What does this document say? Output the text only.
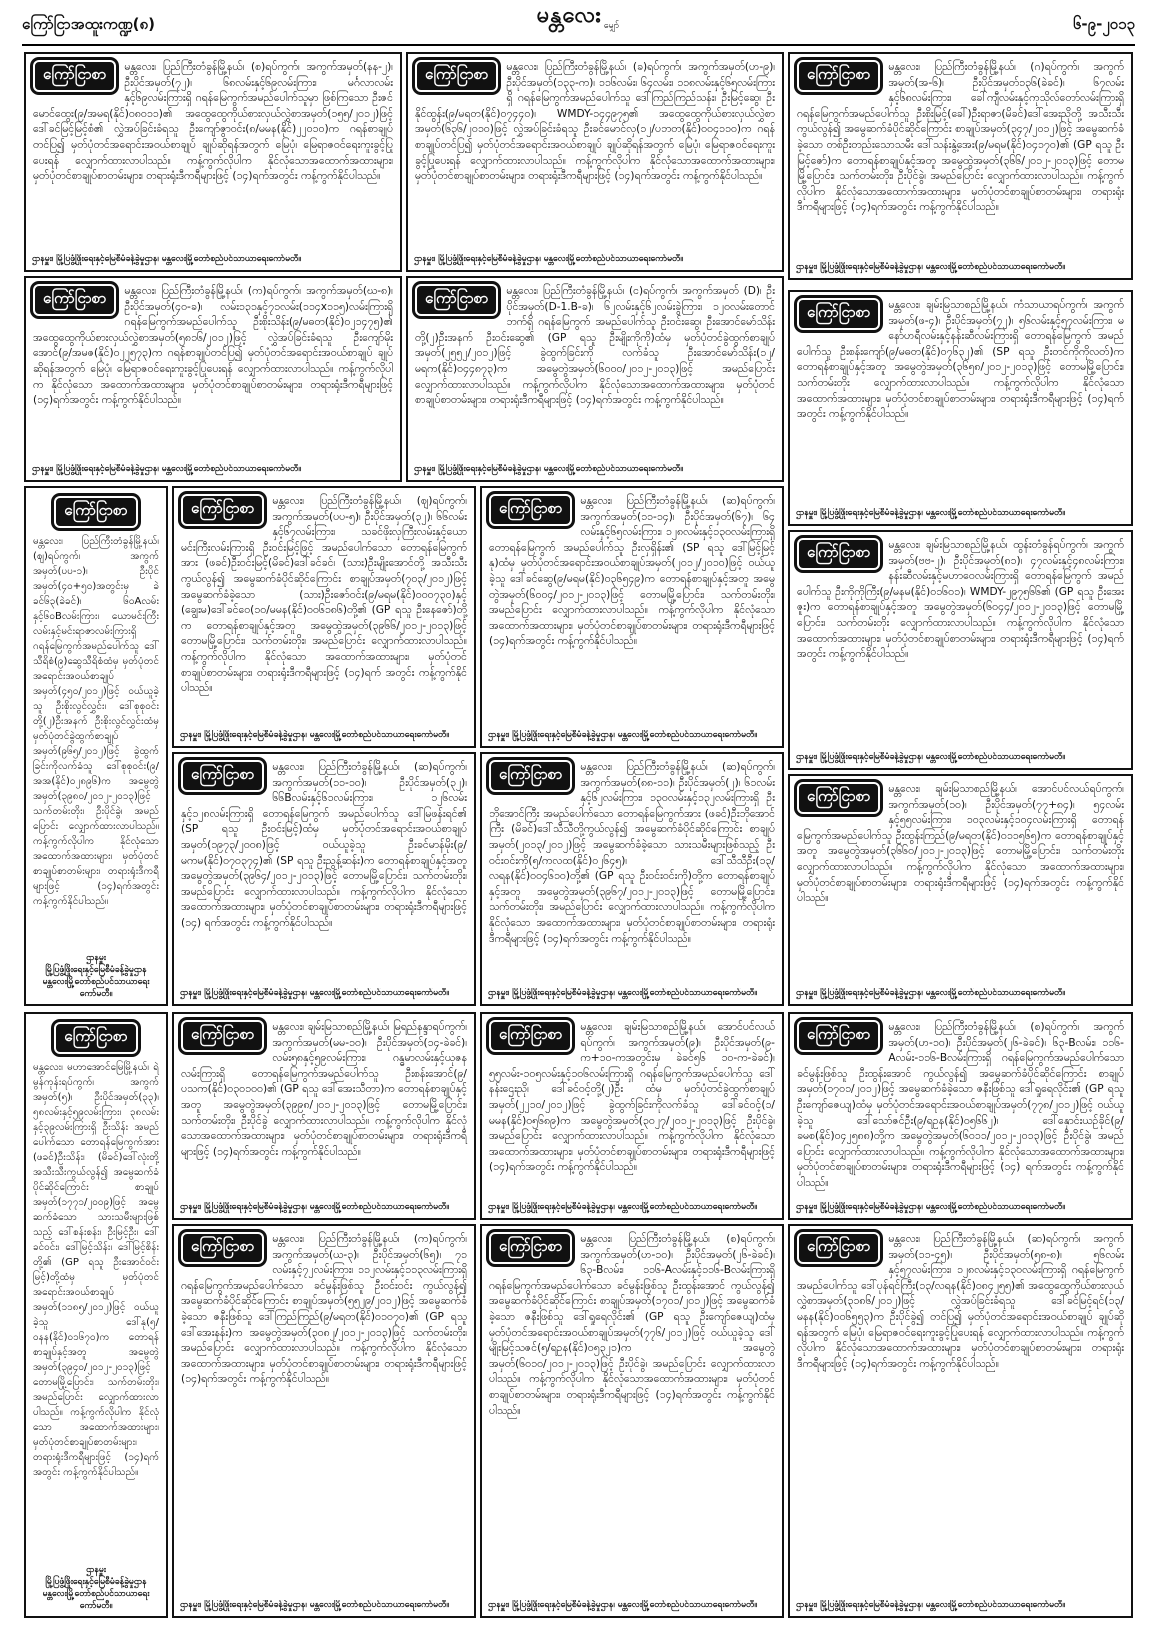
ကြော်ငြာအထူးကဏ္ဍ(၈)	၆-၉-၂၀၁၃
မန္တလေး မျှော်
ကြော်ငြာစာ	မန္တလေး၊ ပြည်ကြီးတံခွန်မြို့နယ်၊ (စ)ရပ်ကွက်၊ အကွက်အမှတ်(နန-၂)၊ ဦးပိုင်အမှတ်(၇၂)၊ ၆၈လမ်းနှင့်၆၉လမ်းကြား၊ မင်္ဂလာလမ်းနှင့်၆၉လမ်းကြားရှိ ဂရန်မြေကွက်အမည်ပေါက်သူမှာ ဖြစ်ကြသော ဦးဇင်မောင်ထွေး(၉/အမရ(နိုင်)၀၈၀၁၁)၏ အထွေထွေကိုယ်စားလှယ်လွှဲစာအမှတ်(၁၅၅/၂၀၁၂)ဖြင့် ဒေါ်ခင်မြင့်မြင့်စံ၏ လွှဲအပ်ခြင်းခံရသူ ဦးကျော်ဇွာဝင်း(၈/မမန(နိုင်)၂၂၀၁၀)က ဂရန်စာချုပ်တင်ပြ၍ မှတ်ပုံတင်အရောင်းအဝယ်စာချုပ် ချုပ်ဆိုရန်အတွက် မြေပုံ၊ မြေရာဇဝင်ရေးကူးခွင့်ပြုပေးရန် လျှောက်ထားလာပါသည်။ ကန့်ကွက်လိုပါက နိုင်လုံသောအထောက်အထားများ၊ မှတ်ပုံတင်စာချုပ်စာတမ်းများ၊ တရားရုံးဒီကရီများဖြင့် (၁၄)ရက်အတွင်း ကန့်ကွက်နိုင်ပါသည်။
ဌာနမှူး၊ မြို့ပြဖွံ့ဖြိုးရေးနှင့်မြေစီမံခန့်ခွဲမှုဌာန၊ မန္တလေးမြို့တော်စည်ပင်သာယာရေးကော်မတီ။
ကြော်ငြာစာ	မန္တလေး၊ ပြည်ကြီးတံခွန်မြို့နယ်၊ (ခ)ရပ်ကွက်၊ အကွက်အမှတ်(ဟ-၉)၊ ဦးပိုင်အမှတ်(၁၃၃-က)၊ ၁၁၆လမ်း၊ ၆၄လမ်း၊ ၁၁၈လမ်းနှင့်၆၅လမ်းကြားရှိ ဂရန်မြေကွက်အမည်ပေါက်သူ ဒေါ်ကြည်ကြည်သန်း၊ ဦးမြင့်ဆွေ၊ ဦးနိုင်ထွန်း(၉/မရတ(နိုင်)၀၇၄၄၀)၊ WMDY-၁၄၄၉၇၅၏ အထွေထွေကိုယ်စားလှယ်လွှဲစာအမှတ်(၆၃၆/၂၀၁၀)ဖြင့် လွှဲအပ်ခြင်းခံရသူ ဦးခင်မောင်လှ(၁၂/ပဘတ(နိုင်)၀၀၄၁၁၀)က ဂရန်စာချုပ်တင်ပြ၍ မှတ်ပုံတင်အရောင်းအဝယ်စာချုပ် ချုပ်ဆိုရန်အတွက် မြေပုံ၊ မြေရာဇဝင်ရေးကူးခွင့်ပြုပေးရန် လျှောက်ထားလာပါသည်။ ကန့်ကွက်လိုပါက နိုင်လုံသောအထောက်အထားများ၊ မှတ်ပုံတင်စာချုပ်စာတမ်းများ၊ တရားရုံးဒီကရီများဖြင့် (၁၄)ရက်အတွင်း ကန့်ကွက်နိုင်ပါသည်။
ဌာနမှူး၊ မြို့ပြဖွံ့ဖြိုးရေးနှင့်မြေစီမံခန့်ခွဲမှုဌာန၊ မန္တလေးမြို့တော်စည်ပင်သာယာရေးကော်မတီ။
ကြော်ငြာစာ	မန္တလေး၊ ပြည်ကြီးတံခွန်မြို့နယ်၊ (ဂ)ရပ်ကွက်၊ အကွက်အမှတ်(အ-၆)၊ ဦးပိုင်အမှတ်၁၃၆(ခဲခင်)၊ ၆၇လမ်းနှင့်၆၈လမ်းကြား၊ ခေါ်ကျီလမ်းနှင့်ကုသိုလ်တော်လမ်းကြားရှိ ဂရန်မြေကွက်အမည်ပေါက်သူ ဦးစိုးမြင့်(ခေါ်)ဦးရာဇာ(မိခင်)ဒေါ်အေးညိုတို့ အသီးသီးကွယ်လွန်၍ အမွေဆက်ခံပိုင်ဆိုင်ကြောင်း စာချုပ်အမှတ်(၃၄၇/၂၀၁၂)ဖြင့် အမွေဆက်ခံခဲ့သော တစ်ဦးတည်းသောသမီး ဒေါ်သန်းနွဲ့အေး(၉/မရမ(နိုင်)၀၄၁၇၀)၏ (GP ရသူ ဦးမြင့်ဇော်)က တောရန်စာချုပ်နှင့်အတူ အမွေထွဲအမှတ်(၃၆၆/၂၀၁၂-၂၀၁၃)ဖြင့် တောမမြို့ပြောင်း၊ သက်တမ်းတိုး၊ ဦးပိုင်ခွဲ၊ အမည်ပြောင်း လျှောက်ထားလာပါသည်။ ကန့်ကွက်လိုပါက နိုင်လုံသောအထောက်အထားများ၊ မှတ်ပုံတင်စာချုပ်စာတမ်းများ၊ တရားရုံးဒီကရီများဖြင့် (၁၄)ရက်အတွင်း ကန့်ကွက်နိုင်ပါသည်။
ဌာနမှူး၊ မြို့ပြဖွံ့ဖြိုးရေးနှင့်မြေစီမံခန့်ခွဲမှုဌာန၊ မန္တလေးမြို့တော်စည်ပင်သာယာရေးကော်မတီ။
ကြော်ငြာစာ	မန္တလေး၊ ပြည်ကြီးတံခွန်မြို့နယ်၊ (က)ရပ်ကွက်၊ အကွက်အမှတ်(ဃ-၈)၊ ဦးပိုင်အမှတ်(၄၀-ခ)၊ လမ်း၁၃၁နှင့်၇၁လမ်း(၁၁၄x၁၁၅)လမ်းကြားရှိ ဂရန်မြေကွက်အမည်ပေါက်သူ ဦးစိုးသိန်း(၉/မဓတ(နိုင်)၀၂၁၄၇၅)၏ အထွေထွေကိုယ်စားလှယ်လွှဲစာအမှတ်(၅၈၁၆/၂၀၁၂)ဖြင့် လွှဲအပ်ခြင်းခံရသူ ဦးကျော်မိုးအောင်(၉/အမဇ(နိုင်)၀၂၂၅၇၃)က ဂရန်စာချုပ်တင်ပြ၍ မှတ်ပုံတင်အရောင်းအဝယ်စာချုပ် ချုပ်ဆိုရန်အတွက် မြေပုံ၊ မြေရာဇဝင်ရေးကူးခွင့်ပြုပေးရန် လျှောက်ထားလာပါသည်။ ကန့်ကွက်လိုပါက နိုင်လုံသော အထောက်အထားများ၊ မှတ်ပုံတင်စာချုပ်စာတမ်းများ၊ တရားရုံးဒီကရီများဖြင့် (၁၄)ရက်အတွင်း ကန့်ကွက်နိုင်ပါသည်။
ဌာနမှူး၊ မြို့ပြဖွံ့ဖြိုးရေးနှင့်မြေစီမံခန့်ခွဲမှုဌာန၊ မန္တလေးမြို့တော်စည်ပင်သာယာရေးကော်မတီ။
ကြော်ငြာစာ	မန္တလေး၊ ပြည်ကြီးတံခွန်မြို့နယ်၊ (င)ရပ်ကွက်၊ အကွက်အမှတ် (D)၊ ဦးပိုင်အမှတ်(D-1.B-ခ)၊ ၆၂လမ်းနှင့်၆၂လမ်းခွဲကြား၊ ၁၂၀လမ်းတောင်ဘက်ရှိ ဂရန်မြေကွက် အမည်ပေါက်သူ ဦးဝင်းဆွေ၊ ဦးအောင်မော်သိန်း တို့(၂)ဦးအနက် ဦးဝင်းဆွေ၏ (GP ရသူ ဦးမျိုးကိုကို)ထံမှ မှတ်ပုံတင်ခွဲထွက်စာချုပ် အမှတ်(၂၅၅၂/၂၀၁၂)ဖြင့် ခွဲထွက်ခြင်းကို လက်ခံသူ ဦးအောင်မော်သိန်း(၁၂/မရက(နိုင်)၀၄၄၈၇၃)က အမွေတွဲအမှတ်(၆၀၀၀/၂၀၁၂-၂၀၁၃)ဖြင့် အမည်ပြောင်း လျှောက်ထားလာပါသည်။ ကန့်ကွက်လိုပါက နိုင်လုံသောအထောက်အထားများ၊ မှတ်ပုံတင်စာချုပ်စာတမ်းများ၊ တရားရုံးဒီကရီများဖြင့် (၁၄)ရက်အတွင်း ကန့်ကွက်နိုင်ပါသည်။
ဌာနမှူး၊ မြို့ပြဖွံ့ဖြိုးရေးနှင့်မြေစီမံခန့်ခွဲမှုဌာန၊ မန္တလေးမြို့တော်စည်ပင်သာယာရေးကော်မတီ။
ကြော်ငြာစာ	မန္တလေး၊ ချမ်းမြသာစည်မြို့နယ်၊ ကံသာယာရပ်ကွက်၊ အကွက်အမှတ်(ဖ-၄)၊ ဦးပိုင်အမှတ်(၇၂)၊ ၅၆လမ်းနှင့်၅၇လမ်းကြား၊ မနော်ဟရီလမ်းနှင့်နန်းဆီလမ်းကြားရှိ တောရန်မြေကွက် အမည်ပေါက်သူ ဦးစန်းကျော်(၉/မဓတ(နိုင်)၀၇၆၃၂)၏ (SP ရသူ ဦးတင်ကိုကိုလတ်)က တောရန်စာချုပ်နှင့်အတူ အမွေတွဲအမှတ်(၃၆၅၈/၂၀၁၂-၂၀၁၃)ဖြင့် တောမမြို့ပြောင်း၊ သက်တမ်းတိုး လျှောက်ထားလာပါသည်။ ကန့်ကွက်လိုပါက နိုင်လုံသော အထောက်အထားများ၊ မှတ်ပုံတင်စာချုပ်စာတမ်းများ၊ တရားရုံးဒီကရီများဖြင့် (၁၄)ရက်အတွင်း ကန့်ကွက်နိုင်ပါသည်။
ဌာနမှူး၊ မြို့ပြဖွံ့ဖြိုးရေးနှင့်မြေစီမံခန့်ခွဲမှုဌာန၊ မန္တလေးမြို့တော်စည်ပင်သာယာရေးကော်မတီ။
ကြော်ငြာစာ
မန္တလေး၊ ပြည်ကြီးတံခွန်မြို့နယ်၊ (ဈ)ရပ်ကွက်၊ အကွက်အမှတ်(ပပ-၁)၊ ဦးပိုင်အမှတ်(၄၀+၅၀)အတွင်းမှ ခဲခင်၆၃(ခဲခင်)၊ ၆၀Aလမ်းနှင့်၆၀Bလမ်းကြား၊ ယောမင်းကြီးလမ်းနှင့်မင်းရာဇာလမ်းကြားရှိ ဂရန်မြေကွက်အမည်ပေါက်သူ ဒေါ်သီရိစံ(၉)ဆွေသီရိစံထံမှ မှတ်ပုံတင်အရောင်းအဝယ်စာချုပ်အမှတ်(၄၅၀/၂၀၁၂)ဖြင့် ဝယ်ယူခဲ့သူ ဦးစိုးလွင်လွှင်း၊ ဒေါ်စုစုဝင်းတို့(၂)ဦးအနက် ဦးစိုးလွင်လွှင်းထံမှ မှတ်ပုံတင်ခွဲထွက်စာချုပ်အမှတ်(၉၆၅/၂၀၁၂)ဖြင့် ခွဲထွက်ခြင်းကိုလက်ခံသူ ဒေါ်စုစုဝင်း(၉/အအ(နိုင်)၀၂၈၉၆)က အမွေတွဲအမှတ်(၃၉၈၀/၂၀၁၂-၂၀၁၃)ဖြင့် သက်တမ်းတိုး၊ ဦးပိုင်ခွဲ၊ အမည်ပြောင်း လျှောက်ထားလာပါသည်။ ကန့်ကွက်လိုပါက နိုင်လုံသော အထောက်အထားများ၊ မှတ်ပုံတင်စာချုပ်စာတမ်းများ၊ တရားရုံးဒီကရီများဖြင့် (၁၄)ရက်အတွင်း ကန့်ကွက်နိုင်ပါသည်။
ဌာနမှူး
မြို့ပြဖွံ့ဖြိုးရေးနှင့်မြေစီမံခန့်ခွဲမှုဌာန
မန္တလေးမြို့တော်စည်ပင်သာယာရေးကော်မတီ။
ကြော်ငြာစာ	မန္တလေး၊ ပြည်ကြီးတံခွန်မြို့နယ်၊ (ဈ)ရပ်ကွက်၊ အကွက်အမှတ်(ပပ-၅)၊ ဦးပိုင်အမှတ်(၃၂)၊ ၆၆လမ်းနှင့်၆၇လမ်းကြား၊ သခင်ဖိုးလှကြီးလမ်းနှင့်ယောမင်းကြီးလမ်းကြားရှိ ဦးဝင်းမြင့်ဖြင့် အမည်ပေါက်သော တောရန်မြေကွက်အား (ဖခင်)ဦးဝင်းမြင့်(မိခင်)ဒေါ်ခင်ခင်၊ (သား)ဦးမျိုးအောင်တို့ အသီးသီးကွယ်လွန်၍ အမွေဆက်ခံပိုင်ဆိုင်ကြောင်း စာချုပ်အမှတ်(၇၀၃/၂၀၁၂)ဖြင့် အမွေဆက်ခံခဲ့သော (သား)ဦးဇော်ဝင်း(၉/မရမ(နိုင်)၀၀၀၇၃၀)နှင့် (ချွေးမ)ဒေါ်ခင်ဝေ(၁၀/မမန(နိုင်)၀၀၆၁၈၆)တို့၏ (GP ရသူ ဦးနေဇော်)တို့က တောရန်စာချုပ်နှင့်အတူ အမွေထွဲအမှတ်(၃၉၆၆/၂၀၁၂-၂၀၁၃)ဖြင့် တောမမြို့ပြောင်း၊ သက်တမ်းတိုး၊ အမည်ပြောင်း လျှောက်ထားလာပါသည်။ ကန့်ကွက်လိုပါက နိုင်လုံသော အထောက်အထားများ၊ မှတ်ပုံတင်စာချုပ်စာတမ်းများ၊ တရားရုံးဒီကရီများဖြင့် (၁၄)ရက် အတွင်း ကန့်ကွက်နိုင်ပါသည်။
ဌာနမှူး၊ မြို့ပြဖွံ့ဖြိုးရေးနှင့်မြေစီမံခန့်ခွဲမှုဌာန၊ မန္တလေးမြို့တော်စည်ပင်သာယာရေးကော်မတီ။
ကြော်ငြာစာ	မန္တလေး၊ ပြည်ကြီးတံခွန်မြို့နယ်၊ (ဆ)ရပ်ကွက်၊ အကွက်အမှတ်(၁၁-၁၄)၊ ဦးပိုင်အမှတ်(၆၇)၊ ၆၄ လမ်းနှင့်၆၅လမ်းကြား၊ ၁၂၈လမ်းနှင့်၁၃၀လမ်းကြားရှိ တောရန်မြေကွက် အမည်ပေါက်သူ ဦးလှရှိန်း၏ (SP ရသူ ဒေါ်မြင့်မြင့်နု)ထံမှ မှတ်ပုံတင်အရောင်းအဝယ်စာချုပ်အမှတ်(၂၀၁၂/၂၀၁၀)ဖြင့် ဝယ်ယူခဲ့သူ ဒေါ်ခင်ဆွေ(၉/မရမ(နိုင်)၀၃၆၅၄၉)က တောရန်စာချုပ်နှင့်အတူ အမွေတွဲအမှတ်(၆၀၀၄/၂၀၁၂-၂၀၁၃)ဖြင့် တောမမြို့ပြောင်း၊ သက်တမ်းတိုး၊ အမည်ပြောင်း လျှောက်ထားလာပါသည်။ ကန့်ကွက်လိုပါက နိုင်လုံသောအထောက်အထားများ၊ မှတ်ပုံတင်စာချုပ်စာတမ်းများ၊ တရားရုံးဒီကရီများဖြင့် (၁၄)ရက်အတွင်း ကန့်ကွက်နိုင်ပါသည်။
ဌာနမှူး၊ မြို့ပြဖွံ့ဖြိုးရေးနှင့်မြေစီမံခန့်ခွဲမှုဌာန၊ မန္တလေးမြို့တော်စည်ပင်သာယာရေးကော်မတီ။
ကြော်ငြာစာ	မန္တလေး၊ ချမ်းမြသာစည်မြို့နယ်၊ ထွန်းတံခွန်ရပ်ကွက်၊ အကွက်အမှတ်(ဗဗ-၂)၊ ဦးပိုင်အမှတ်(၈၁)၊ ၄၇လမ်းနှင့်၄၈လမ်းကြား၊ နန်းဆီလမ်းနှင့်မဟာဝေလမ်းကြားရှိ တောရန်မြေကွက် အမည်ပေါက်သူ ဦးကိုကိုကြီး(၉/မနမ(နိုင်)၀၁၆၀၁)၊ WMDY-၂၉၇၅၆၆၏ (GP ရသူ ဦးအေးဇူး)က တောရန်စာချုပ်နှင့်အတူ အမွေတွဲအမှတ်(၆၀၄၄/၂၀၁၂-၂၀၁၃)ဖြင့် တောမမြို့ပြောင်း၊ သက်တမ်းတိုး လျှောက်ထားလာပါသည်။ ကန့်ကွက်လိုပါက နိုင်လုံသော အထောက်အထားများ၊ မှတ်ပုံတင်စာချုပ်စာတမ်းများ၊ တရားရုံးဒီကရီများဖြင့် (၁၄)ရက်အတွင်း ကန့်ကွက်နိုင်ပါသည်။
ဌာနမှူး၊ မြို့ပြဖွံ့ဖြိုးရေးနှင့်မြေစီမံခန့်ခွဲမှုဌာန၊ မန္တလေးမြို့တော်စည်ပင်သာယာရေးကော်မတီ။
ကြော်ငြာစာ	မန္တလေး၊ ပြည်ကြီးတံခွန်မြို့နယ်၊ (ဆ)ရပ်ကွက်၊ အကွက်အမှတ်(၁၁-၁၀)၊ ဦးပိုင်အမှတ်(၃၂)၊ ၆၆Bလမ်းနှင့်၆၁လမ်းကြား၊ ၁၂၆လမ်းနှင့်၁၂၈လမ်းကြားရှိ တောရန်မြေကွက် အမည်ပေါက်သူ ဒေါ်မြဖန်းရင်၏ (SP ရသူ ဦးဝင်းမြင့်)ထံမှ မှတ်ပုံတင်အရောင်းအဝယ်စာချုပ်အမှတ်(၁၉၇၃/၂၀၀၈)ဖြင့် ဝယ်ယူခဲ့သူ ဦးခင်မာန်မိုး(၉/မကမ(နိုင်)၀၇၀၃၇၄)၏ (SP ရသူ ဦးညွန့်ဆန်း)က တောရန်စာချုပ်နှင့်အတူ အမွေတွဲအမှတ်(၃၉၆၄/၂၀၁၂-၂၀၁၃)ဖြင့် တောမမြို့ပြောင်း၊ သက်တမ်းတိုး၊ အမည်ပြောင်း လျှောက်ထားလာပါသည်။ ကန့်ကွက်လိုပါက နိုင်လုံသော အထောက်အထားများ၊ မှတ်ပုံတင်စာချုပ်စာတမ်းများ၊ တရားရုံးဒီကရီများဖြင့် (၁၄) ရက်အတွင်း ကန့်ကွက်နိုင်ပါသည်။
ဌာနမှူး၊ မြို့ပြဖွံ့ဖြိုးရေးနှင့်မြေစီမံခန့်ခွဲမှုဌာန၊ မန္တလေးမြို့တော်စည်ပင်သာယာရေးကော်မတီ။
ကြော်ငြာစာ	မန္တလေး၊ ပြည်ကြီးတံခွန်မြို့နယ်၊ (ဆ)ရပ်ကွက်၊ အကွက်အမှတ်(၈၈-၁၁)၊ ဦးပိုင်အမှတ်(၂)၊ ၆၁လမ်းနှင့်၆၂လမ်းကြား၊ ၁၃၀လမ်းနှင့်၁၃၂လမ်းကြားရှိ ဦးဘိုအောင်ကြီး အမည်ပေါက်သော တောရန်မြေကွက်အား (ဖခင်)ဦးဘိုအောင်ကြီး (မိခင်)ဒေါ်သီသီတို့ကွယ်လွန်၍ အမွေဆက်ခံပိုင်ဆိုင်ကြောင်း စာချုပ်အမှတ်(၂၀၁၃/၂၀၁၂)ဖြင့် အမွေဆက်ခံခဲ့သော သားသမီးများဖြစ်သည့် ဦးဝင်းဝင်းကို(၅/ကလထ(နိုင်)၀၂၆၄၅)၊ ဒေါ်သီသီဦး(၁၃/လရန(နိုင်)၀၀၄၆၁၀)တို့၏ (GP ရသူ ဦးဝင်းဝင်းကို)တို့က တောရန်စာချုပ်နှင့်အတူ အမွေတွဲအမှတ်(၃၉၆၇/၂၀၁၂-၂၀၁၃)ဖြင့် တောမမြို့ပြောင်း၊ သက်တမ်းတိုး၊ အမည်ပြောင်း လျှောက်ထားလာပါသည်။ ကန့်ကွက်လိုပါက နိုင်လုံသော အထောက်အထားများ၊ မှတ်ပုံတင်စာချုပ်စာတမ်းများ၊ တရားရုံးဒီကရီများဖြင့် (၁၄)ရက်အတွင်း ကန့်ကွက်နိုင်ပါသည်။
ဌာနမှူး၊ မြို့ပြဖွံ့ဖြိုးရေးနှင့်မြေစီမံခန့်ခွဲမှုဌာန၊ မန္တလေးမြို့တော်စည်ပင်သာယာရေးကော်မတီ။
ကြော်ငြာစာ	မန္တလေး၊ ချမ်းမြသာစည်မြို့နယ်၊ အောင်ပင်လယ်ရပ်ကွက်၊ အကွက်အမှတ်(၁၀)၊ ဦးပိုင်အမှတ်(၇၇+၈၄)၊ ၅၄လမ်းနှင့်၅၅လမ်းကြား၊ ၁၀၃လမ်းနှင့်၁၀၄လမ်းကြားရှိ တောရန်မြေကွက်အမည်ပေါက်သူ ဦးထွန်းကြည်(၉/မရတ(နိုင်)၀၁၁၅၆၅)က တောရန်စာချုပ်နှင့်အတူ အမွေတွဲအမှတ်(၃၆၆၀/၂၀၁၂-၂၀၁၃)ဖြင့် တောမမြို့ပြောင်း၊ သက်တမ်းတိုး လျှောက်ထားလာပါသည်။ ကန့်ကွက်လိုပါက နိုင်လုံသော အထောက်အထားများ၊ မှတ်ပုံတင်စာချုပ်စာတမ်းများ၊ တရားရုံးဒီကရီများဖြင့် (၁၄)ရက်အတွင်း ကန့်ကွက်နိုင်ပါသည်။
ဌာနမှူး၊ မြို့ပြဖွံ့ဖြိုးရေးနှင့်မြေစီမံခန့်ခွဲမှုဌာန၊ မန္တလေးမြို့တော်စည်ပင်သာယာရေးကော်မတီ။
ကြော်ငြာစာ
မန္တလေး၊ မဟာအောင်မြေမြို့နယ်၊ ရဲမွန်ကုန်းရပ်ကွက်၊ အကွက်အမှတ်(၅)၊ ဦးပိုင်အမှတ်(၃၃)၊ ၅၈လမ်းနှင့်၅၉လမ်းကြား၊ ၃၈လမ်းနှင့်၃၉လမ်းကြားရှိ ဦးသိန်း အမည်ပေါက်သော တောရန်မြေကွက်အား (ဖခင်)ဦးသိန်း၊ (မိခင်)ဒေါ်လုံးတို့ အသီးသီးကွယ်လွန်၍ အမွေဆက်ခံပိုင်ဆိုင်ကြောင်း စာချုပ်အမှတ်(၁၇၇၁/၂၀၀၉)ဖြင့် အမွေဆက်ခံသော သားသမီးများဖြစ်သည့် ဒေါ်စန်းစန်း၊ ဦးမြင့်ဦး၊ ဒေါ်ခင်ဝင်း၊ ဒေါ်မြင့်သိန်း၊ ဒေါ်မြင့်စိန်းတို့၏ (GP ရသူ ဦးအောင်ဝင်းမြင့်)တို့ထံမှ မှတ်ပုံတင်အရောင်းအဝယ်စာချုပ်အမှတ်(၁၁၈၅/၂၀၁၂)ဖြင့် ဝယ်ယူခဲ့သူ ဒေါ်နု(၅/ဝနန(နိုင်)၀၁၆၇၀)က တောရန်စာချုပ်နှင့်အတူ အမွေတွဲအမှတ်(၃၉၄၀/၂၀၁၂-၂၀၁၃)ဖြင့် တောမမြို့ပြောင်း၊ သက်တမ်းတိုး၊ အမည်ပြောင်း လျှောက်ထားလာပါသည်။ ကန့်ကွက်လိုပါက နိုင်လုံသော အထောက်အထားများ၊ မှတ်ပုံတင်စာချုပ်စာတမ်းများ၊ တရားရုံးဒီကရီများဖြင့် (၁၄)ရက်အတွင်း ကန့်ကွက်နိုင်ပါသည်။
ဌာနမှူး
မြို့ပြဖွံ့ဖြိုးရေးနှင့်မြေစီမံခန့်ခွဲမှုဌာန
မန္တလေးမြို့တော်စည်ပင်သာယာရေးကော်မတီ။
ကြော်ငြာစာ	မန္တလေး၊ ချမ်းမြသာစည်မြို့နယ်၊ မြရည်နန္ဒာရပ်ကွက်၊ အကွက်အမှတ်(မမ-၁၀)၊ ဦးပိုင်အမှတ်(၁၄-ခဲခင်)၊ လမ်း၅၈နှင့်၅၉လမ်းကြား၊ ဂန္ဓမာလမ်းနှင့်ယုဇနလမ်းကြားရှိ တောရန်မြေကွက်အမည်ပေါက်သူ ဦးစန်းအောင်(၉/ပသက(နိုင်)၀၃၀၁၀၀)၏ (GP ရသူ ဒေါ်အေးသီတာ)က တောရန်စာချုပ်နှင့်အတူ အမွေတွဲအမှတ်(၃၉၉၈/၂၀၁၂-၂၀၁၃)ဖြင့် တောမမြို့ပြောင်း၊ သက်တမ်းတိုး၊ ဦးပိုင်ခွဲ လျှောက်ထားလာပါသည်။ ကန့်ကွက်လိုပါက နိုင်လုံသောအထောက်အထားများ၊ မှတ်ပုံတင်စာချုပ်စာတမ်းများ၊ တရားရုံးဒီကရီများဖြင့် (၁၄)ရက်အတွင်း ကန့်ကွက်နိုင်ပါသည်။
ဌာနမှူး၊ မြို့ပြဖွံ့ဖြိုးရေးနှင့်မြေစီမံခန့်ခွဲမှုဌာန၊ မန္တလေးမြို့တော်စည်ပင်သာယာရေးကော်မတီ။
ကြော်ငြာစာ	မန္တလေး၊ ချမ်းမြသာစည်မြို့နယ်၊ အောင်ပင်လယ်ရပ်ကွက်၊ အကွက်အမှတ်(၉)၊ ဦးပိုင်အမှတ်(၉-က+၁၀-ကအတွင်းမှ ခဲခင်၅၆ ၁၀-က-ခဲခင်)၊ ၅၅လမ်း-၁၀၅လမ်းနှင့်၁၀၆လမ်းကြားရှိ ဂရန်မြေကွက်အမည်ပေါက်သူ ဒေါ်နန်းဌေးညို၊ ဒေါ်ခင်ဝင့်တို့(၂)ဦး ထံမှ မှတ်ပုံတင်ခွဲထွက်စာချုပ်အမှတ်(၂၂၁၀/၂၀၁၂)ဖြင့် ခွဲထွက်ခြင်းကိုလက်ခံသူ ဒေါ်ခင်ဝင့်(၁/မမန(နိုင်)၀၅၆၈၉)က အမွေတွဲအမှတ်(၃၀၂၇/၂၀၁၂-၂၀၁၃)ဖြင့် ဦးပိုင်ခွဲ၊ အမည်ပြောင်း လျှောက်ထားလာပါသည်။ ကန့်ကွက်လိုပါက နိုင်လုံသောအထောက်အထားများ၊ မှတ်ပုံတင်စာချုပ်စာတမ်းများ၊ တရားရုံးဒီကရီများဖြင့် (၁၄)ရက်အတွင်း ကန့်ကွက်နိုင်ပါသည်။
ဌာနမှူး၊ မြို့ပြဖွံ့ဖြိုးရေးနှင့်မြေစီမံခန့်ခွဲမှုဌာန၊ မန္တလေးမြို့တော်စည်ပင်သာယာရေးကော်မတီ။
ကြော်ငြာစာ	မန္တလေး၊ ပြည်ကြီးတံခွန်မြို့နယ်၊ (စ)ရပ်ကွက်၊ အကွက်အမှတ်(ဟ-၁၀)၊ ဦးပိုင်အမှတ်(၂၆-ခဲခင်)၊ ၆၃-Bလမ်း၊ ၁၁၆-Aလမ်း-၁၁၆-Bလမ်းကြားရှိ ဂရန်မြေကွက်အမည်ပေါက်သော ခင်မွန်းဖြစ်သူ ဦးထွန်းအောင် ကွယ်လွန်၍ အမွေဆက်ခံပိုင်ဆိုင်ကြောင်း စာချုပ်အမှတ်(၁၇၀၁/၂၀၁၂)ဖြင့် အမွေဆက်ခံခဲ့သော ဇနီးဖြစ်သူ ဒေါ်ရှုရေလိုင်း၏ (GP ရသူ ဦးကျော်ဇေယျ)ထံမှ မှတ်ပုံတင်အရောင်းအဝယ်စာချုပ်အမှတ်(၇၇၈/၂၀၁၂)ဖြင့် ဝယ်ယူခဲ့သူ ဒေါ်သော်ဇင်ဦး(၉/ရဥန(နိုင်)၀၅၆၆၂)၊ ဒေါ်နှောင်းယဉ်ခိုင်(၉/ခမစ(နိုင်)၀၄၂၅၈၈)တို့က အမွေတွဲအမှတ်(၆၀၁၁/၂၀၁၂-၂၀၁၃)ဖြင့် ဦးပိုင်ခွဲ၊ အမည်ပြောင်း လျှောက်ထားလာပါသည်။ ကန့်ကွက်လိုပါက နိုင်လုံသောအထောက်အထားများ၊ မှတ်ပုံတင်စာချုပ်စာတမ်းများ၊ တရားရုံးဒီကရီများဖြင့် (၁၄) ရက်အတွင်း ကန့်ကွက်နိုင်ပါသည်။
ဌာနမှူး၊ မြို့ပြဖွံ့ဖြိုးရေးနှင့်မြေစီမံခန့်ခွဲမှုဌာန၊ မန္တလေးမြို့တော်စည်ပင်သာယာရေးကော်မတီ။
ကြော်ငြာစာ	မန္တလေး၊ ပြည်ကြီးတံခွန်မြို့နယ်၊ (က)ရပ်ကွက်၊ အကွက်အမှတ်(ယ-၃)၊ ဦးပိုင်အမှတ်(၆၅)၊ ၇၁ လမ်းနှင့်၇၂လမ်းကြား၊ ၁၁၂လမ်းနှင့်၁၁၃လမ်းကြားရှိ ဂရန်မြေကွက်အမည်ပေါက်သော ခင်မွန်းဖြစ်သူ ဦးဝင်းဝင်း ကွယ်လွန်၍ အမွေဆက်ခံပိုင်ဆိုင်ကြောင်း စာချုပ်အမှတ်(၅၅၂၉/၂၀၁၂)ဖြင့် အမွေဆက်ခံခဲ့သော ဇနီးဖြစ်သူ ဒေါ်ကြည်ကြည်(၉/မရတ(နိုင်)၀၁၀၇၀)၏ (GP ရသူ ဒေါ်အေးနန်း)က အမွေတွဲအမှတ်(၃၀၈၂/၂၀၁၂-၂၀၁၃)ဖြင့် သက်တမ်းတိုး၊ အမည်ပြောင်း လျှောက်ထားလာပါသည်။ ကန့်ကွက်လိုပါက နိုင်လုံသောအထောက်အထားများ၊ မှတ်ပုံတင်စာချုပ်စာတမ်းများ၊ တရားရုံးဒီကရီများဖြင့် (၁၄)ရက်အတွင်း ကန့်ကွက်နိုင်ပါသည်။
ဌာနမှူး၊ မြို့ပြဖွံ့ဖြိုးရေးနှင့်မြေစီမံခန့်ခွဲမှုဌာန၊ မန္တလေးမြို့တော်စည်ပင်သာယာရေးကော်မတီ။
ကြော်ငြာစာ	မန္တလေး၊ ပြည်ကြီးတံခွန်မြို့နယ်၊ (စ)ရပ်ကွက်၊ အကွက်အမှတ်(ဟ-၁၀)၊ ဦးပိုင်အမှတ်(၂၆-ခဲခင်)၊ ၆၃-Bလမ်း၊ ၁၁၆-Aလမ်းနှင့်၁၁၆-Bလမ်းကြားရှိ ဂရန်မြေကွက်အမည်ပေါက်သော ခင်မွန်းဖြစ်သူ ဦးထွန်းအောင် ကွယ်လွန်၍ အမွေဆက်ခံပိုင်ဆိုင်ကြောင်း စာချုပ်အမှတ်(၁၇၀၁/၂၀၁၂)ဖြင့် အမွေဆက်ခံခဲ့သော ဇနီးဖြစ်သူ ဒေါ်ရှုရေလိုင်း၏ (GP ရသူ ဦးကျော်ဇေယျ)ထံမှ မှတ်ပုံတင်အရောင်းအဝယ်စာချုပ်အမှတ်(၇၇၆/၂၀၁၂)ဖြင့် ဝယ်ယူခဲ့သူ ဒေါ်မျိုးမြင့်သဇင်(၅/ရဥန(နိုင်)၀၅၃၂၁)က အမွေတွဲအမှတ်(၆၀၁၀/၂၀၁၂-၂၀၁၃)ဖြင့် ဦးပိုင်ခွဲ၊ အမည်ပြောင်း လျှောက်ထားလာပါသည်။ ကန့်ကွက်လိုပါက နိုင်လုံသောအထောက်အထားများ၊ မှတ်ပုံတင်စာချုပ်စာတမ်းများ၊ တရားရုံးဒီကရီများဖြင့် (၁၄)ရက်အတွင်း ကန့်ကွက်နိုင်ပါသည်။
ဌာနမှူး၊ မြို့ပြဖွံ့ဖြိုးရေးနှင့်မြေစီမံခန့်ခွဲမှုဌာန၊ မန္တလေးမြို့တော်စည်ပင်သာယာရေးကော်မတီ။
ကြော်ငြာစာ	မန္တလေး၊ ပြည်ကြီးတံခွန်မြို့နယ်၊ (ဆ)ရပ်ကွက်၊ အကွက်အမှတ်(၁၁-၄၅)၊ ဦးပိုင်အမှတ်(၅၈-၈)၊ ၅၆လမ်းနှင့်၅၇လမ်းကြား၊ ၁၂၈လမ်းနှင့်၁၃၀လမ်းကြားရှိ ဂရန်မြေကွက်အမည်ပေါက်သူ ဒေါ်ပုန်ရင်ကြီး(၁၃/လရန(နိုင်)၀၈၄၂၅၅)၏ အထွေထွေကိုယ်စားလှယ်လွှဲစာအမှတ်(၃၁၈၆/၂၀၁၂)ဖြင့် လွှဲအပ်ခြင်းခံရသူ ဒေါ်ခင်မြင့်ရင်(၁၃/မနန(နိုင်)၀၀၆၅၅၃)က ဦးပိုင်ခွဲ၍ တင်ပြ၍ မှတ်ပုံတင်အရောင်းအဝယ်စာချုပ် ချုပ်ဆိုရန်အတွက် မြေပုံ၊ မြေရာဇဝင်ရေးကူးခွင့်ပြုပေးရန် လျှောက်ထားလာပါသည်။ ကန့်ကွက်လိုပါက နိုင်လုံသောအထောက်အထားများ၊ မှတ်ပုံတင်စာချုပ်စာတမ်းများ၊ တရားရုံးဒီကရီများဖြင့် (၁၄)ရက်အတွင်း ကန့်ကွက်နိုင်ပါသည်။
ဌာနမှူး၊ မြို့ပြဖွံ့ဖြိုးရေးနှင့်မြေစီမံခန့်ခွဲမှုဌာန၊ မန္တလေးမြို့တော်စည်ပင်သာယာရေးကော်မတီ။
